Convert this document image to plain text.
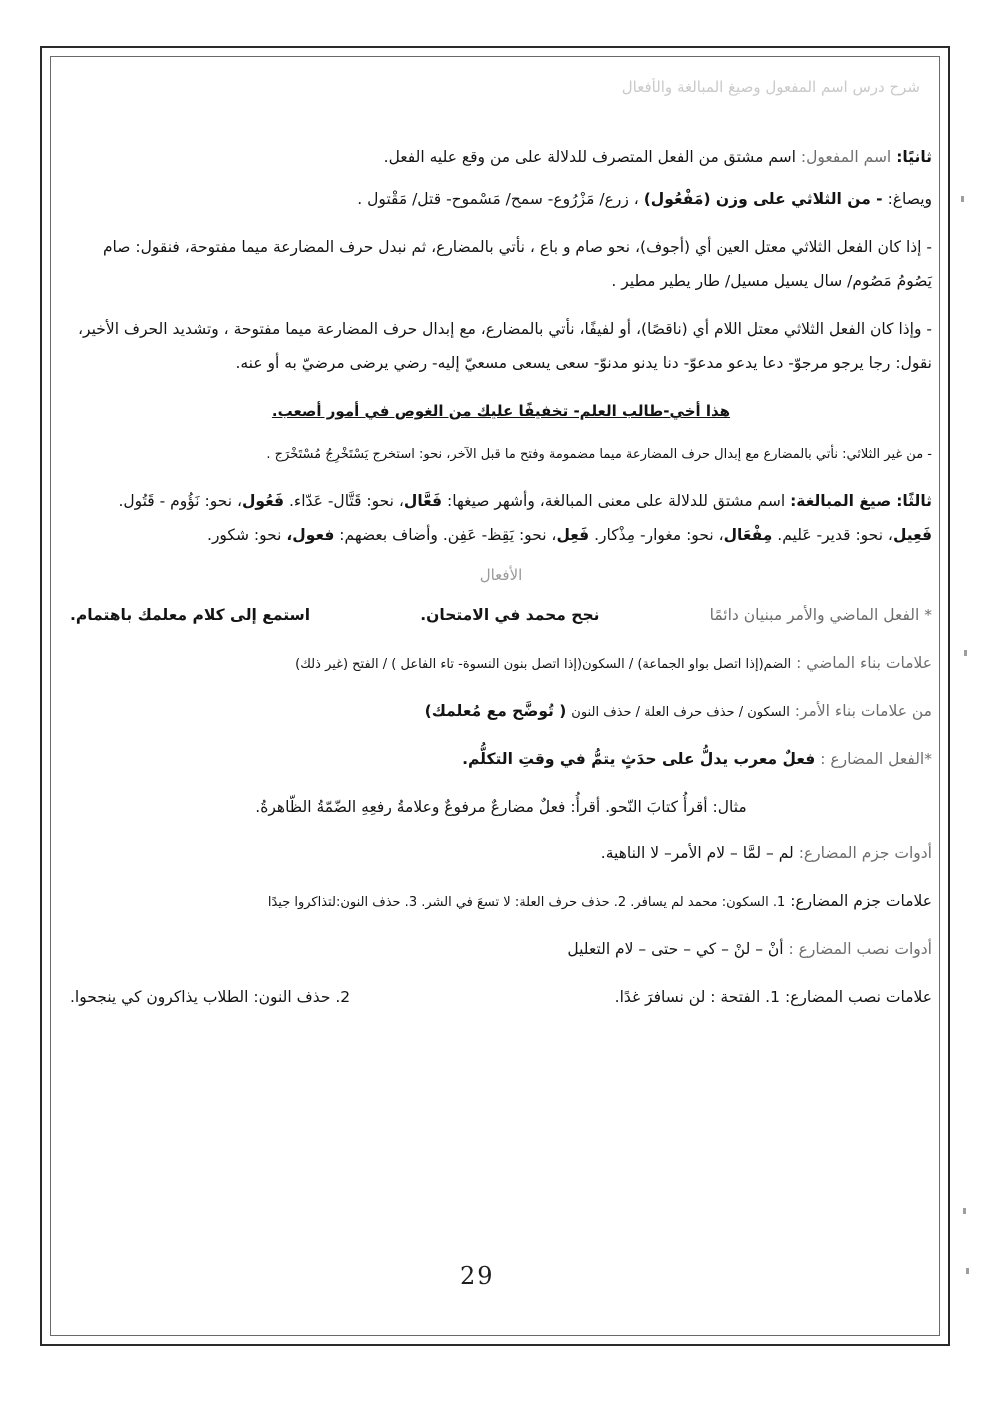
شرح درس اسم المفعول وصيغ المبالغة والأفعال

ثانيًا: اسم المفعول: اسم مشتق من الفعل المتصرف للدلالة على من وقع عليه الفعل.

ويصاغ: - من الثلاثي على وزن (مَفْعُول) ، زرع/ مَزْرُوع- سمح/ مَسْموح- قتل/ مَقْتول .

- إذا كان الفعل الثلاثي معتل العين أي (أجوف)، نحو صام و باع ، نأتي بالمضارع، ثم نبدل حرف المضارعة ميما مفتوحة، فنقول: صام يَصُومُ مَصُوم/ سال يسيل مسيل/ طار يطير مطير .

- وإذا كان الفعل الثلاثي معتل اللام أي (ناقصًا)، أو لفيفًا، نأتي بالمضارع، مع إبدال حرف المضارعة ميما مفتوحة ، وتشديد الحرف الأخير، نقول: رجا يرجو مرجوّ- دعا يدعو مدعوّ- دنا يدنو مدنوّ- سعى يسعى مسعيّ إليه- رضي يرضى مرضيّ به أو عنه.

هذا أخي-طالب العلم- تخفيفًا عليك من الغوص في أمور أصعب.

- من غير الثلاثي: نأتي بالمضارع مع إبدال حرف المضارعة ميما مضمومة وفتح ما قبل الآخر، نحو: استخرج يَسْتَخْرِجُ مُسْتَخْرَج .

ثالثًا: صيغ المبالغة: اسم مشتق للدلالة على معنى المبالغة، وأشهر صيغها: فَعَّال، نحو: قَتَّال- عَدّاء. فَعُول، نحو: نَؤُوم - قَتُول. فَعِيل، نحو: قدير- عَليم. مِفْعَال، نحو: مغوار- مِذْكار. فَعِل، نحو: يَقِظ- عَفِن. وأضاف بعضهم: فعول، نحو: شكور.

الأفعال
* الفعل الماضي والأمر مبنيان دائمًا
نجح محمد في الامتحان.
استمع إلى كلام معلمك باهتمام.

علامات بناء الماضي : الضم(إذا اتصل بواو الجماعة) / السكون(إذا اتصل بنون النسوة- تاء الفاعل ) / الفتح (غير ذلك)

من علامات بناء الأمر: السكون / حذف حرف العلة / حذف النون ( تُوضَّح مع مُعلمك)

*الفعل المضارع : فعلٌ معرب يدلُّ على حدَثٍ يتمُّ في وقتِ التكلُّم.

مثال: أقرأُ كتابَ النّحو. أقرأُ: فعلٌ مضارعٌ مرفوعٌ وعلامةُ رفعِهِ الضّمّةُ الظّاهرةُ.

أدوات جزم المضارع: لم – لمَّا – لام الأمر– لا الناهية.

علامات جزم المضارع: 1. السكون: محمد لم يسافر. 2. حذف حرف العلة: لا تسعَ في الشر. 3. حذف النون:لتذاكروا جيدًا

أدوات نصب المضارع : أنْ – لنْ – كي – حتى – لام التعليل

علامات نصب المضارع: 1. الفتحة : لن نسافرَ غدًا.
2. حذف النون: الطلاب يذاكرون كي ينجحوا.
29
